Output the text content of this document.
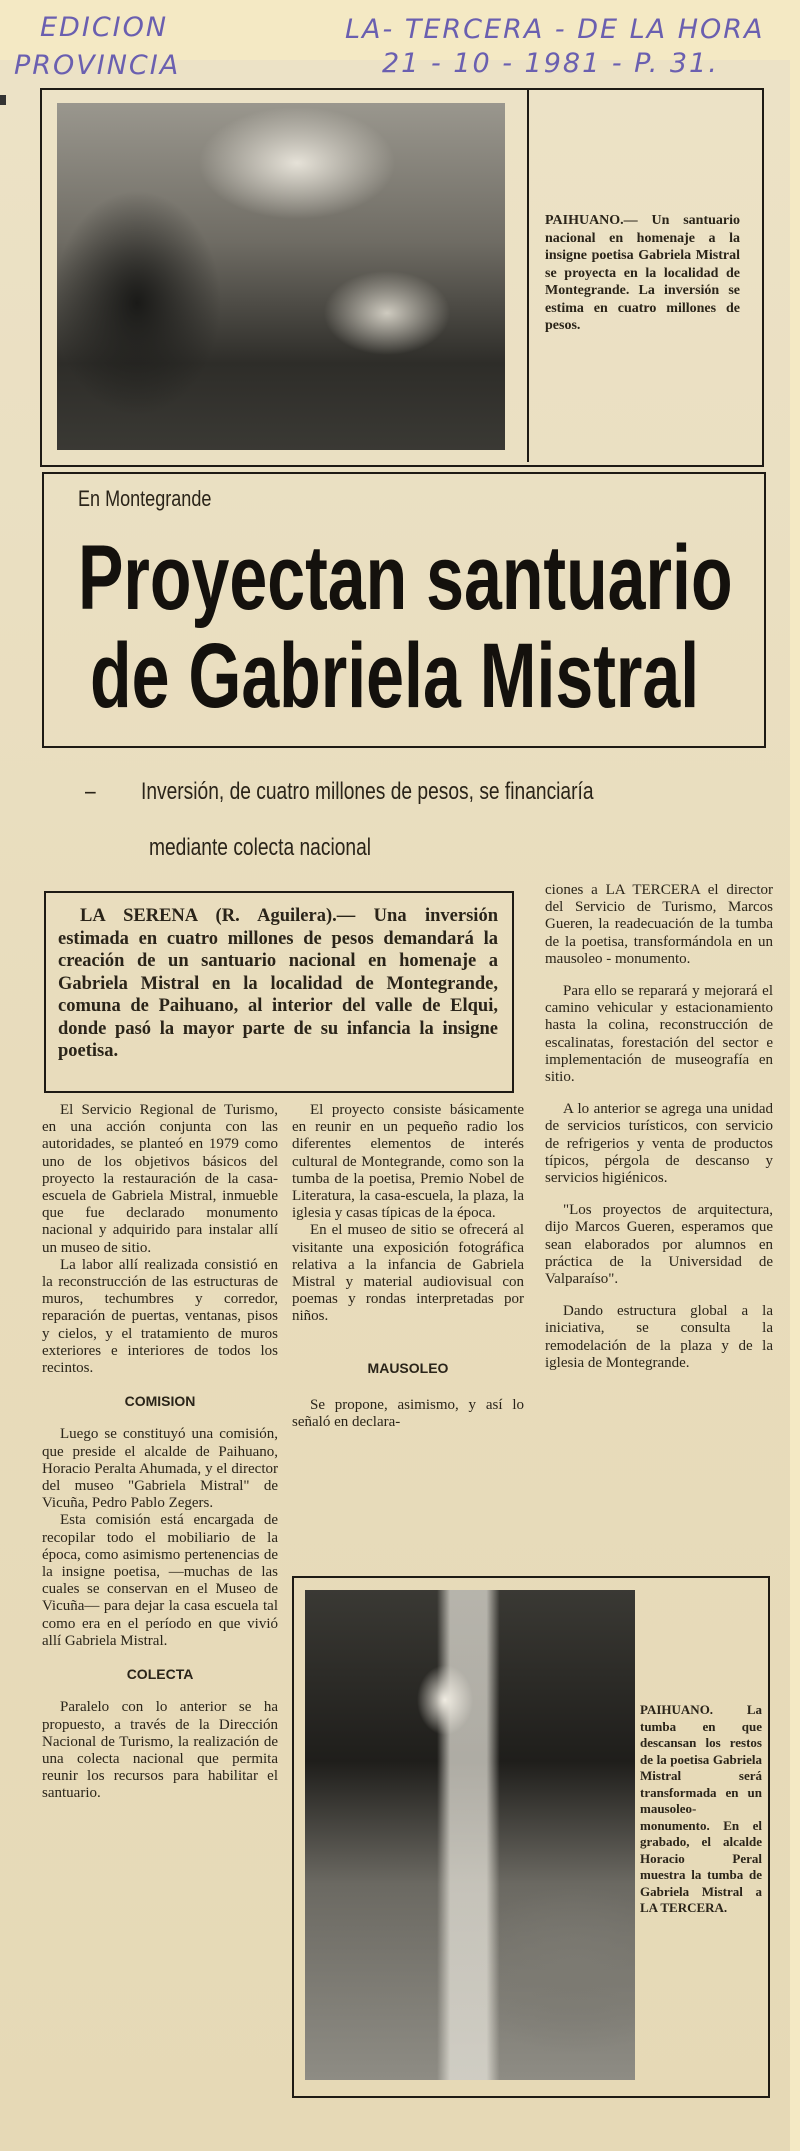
EDICION
PROVINCIA
LA- TERCERA - DE LA HORA
21 - 10 - 1981 - P. 31.
PAIHUANO.— Un santuario nacional en homenaje a la insigne poetisa Gabriela Mistral se proyecta en la localidad de Montegrande. La inversión se estima en cuatro millones de pesos.
En Montegrande
Proyectan santuario
de Gabriela Mistral
– Inversión, de cuatro millones de pesos, se financiaría
mediante colecta nacional
LA SERENA (R. Aguilera).— Una inversión estimada en cuatro millones de pesos demandará la creación de un santuario nacional en homenaje a Gabriela Mistral en la localidad de Montegrande, comuna de Paihuano, al interior del valle de Elqui, donde pasó la mayor parte de su infancia la insigne poetisa.

El Servicio Regional de Turismo, en una acción conjunta con las autoridades, se planteó en 1979 como uno de los objetivos básicos del proyecto la restauración de la casa-escuela de Gabriela Mistral, inmueble que fue declarado monumento nacional y adquirido para instalar allí un museo de sitio.

La labor allí realizada consistió en la reconstrucción de las estructuras de muros, techumbres y corredor, reparación de puertas, ventanas, pisos y cielos, y el tratamiento de muros exteriores e interiores de todos los recintos.

COMISION

Luego se constituyó una comisión, que preside el alcalde de Paihuano, Horacio Peralta Ahumada, y el director del museo "Gabriela Mistral" de Vicuña, Pedro Pablo Zegers.

Esta comisión está encargada de recopilar todo el mobiliario de la época, como asimismo pertenencias de la insigne poetisa, —muchas de las cuales se conservan en el Museo de Vicuña— para dejar la casa escuela tal como era en el período en que vivió allí Gabriela Mistral.

COLECTA

Paralelo con lo anterior se ha propuesto, a través de la Dirección Nacional de Turismo, la realización de una colecta nacional que permita reunir los recursos para habilitar el santuario.

El proyecto consiste básicamente en reunir en un pequeño radio los diferentes elementos de interés cultural de Montegrande, como son la tumba de la poetisa, Premio Nobel de Literatura, la casa-escuela, la plaza, la iglesia y casas típicas de la época.

En el museo de sitio se ofrecerá al visitante una exposición fotográfica relativa a la infancia de Gabriela Mistral y material audiovisual con poemas y rondas interpretadas por niños.

MAUSOLEO

Se propone, asimismo, y así lo señaló en declara-

ciones a LA TERCERA el director del Servicio de Turismo, Marcos Gueren, la readecuación de la tumba de la poetisa, transformándola en un mausoleo - monumento.

Para ello se reparará y mejorará el camino vehicular y estacionamiento hasta la colina, reconstrucción de escalinatas, forestación del sector e implementación de museografía en sitio.

A lo anterior se agrega una unidad de servicios turísticos, con servicio de refrigerios y venta de productos típicos, pérgola de descanso y servicios higiénicos.

"Los proyectos de arquitectura, dijo Marcos Gueren, esperamos que sean elaborados por alumnos en práctica de la Universidad de Valparaíso".

Dando estructura global a la iniciativa, se consulta la remodelación de la plaza y de la iglesia de Montegrande.

PAIHUANO. La tumba en que descansan los restos de la poetisa Gabriela Mistral será transformada en un mausoleo-monumento. En el grabado, el alcalde Horacio Peral muestra la tumba de Gabriela Mistral a LA TERCERA.
